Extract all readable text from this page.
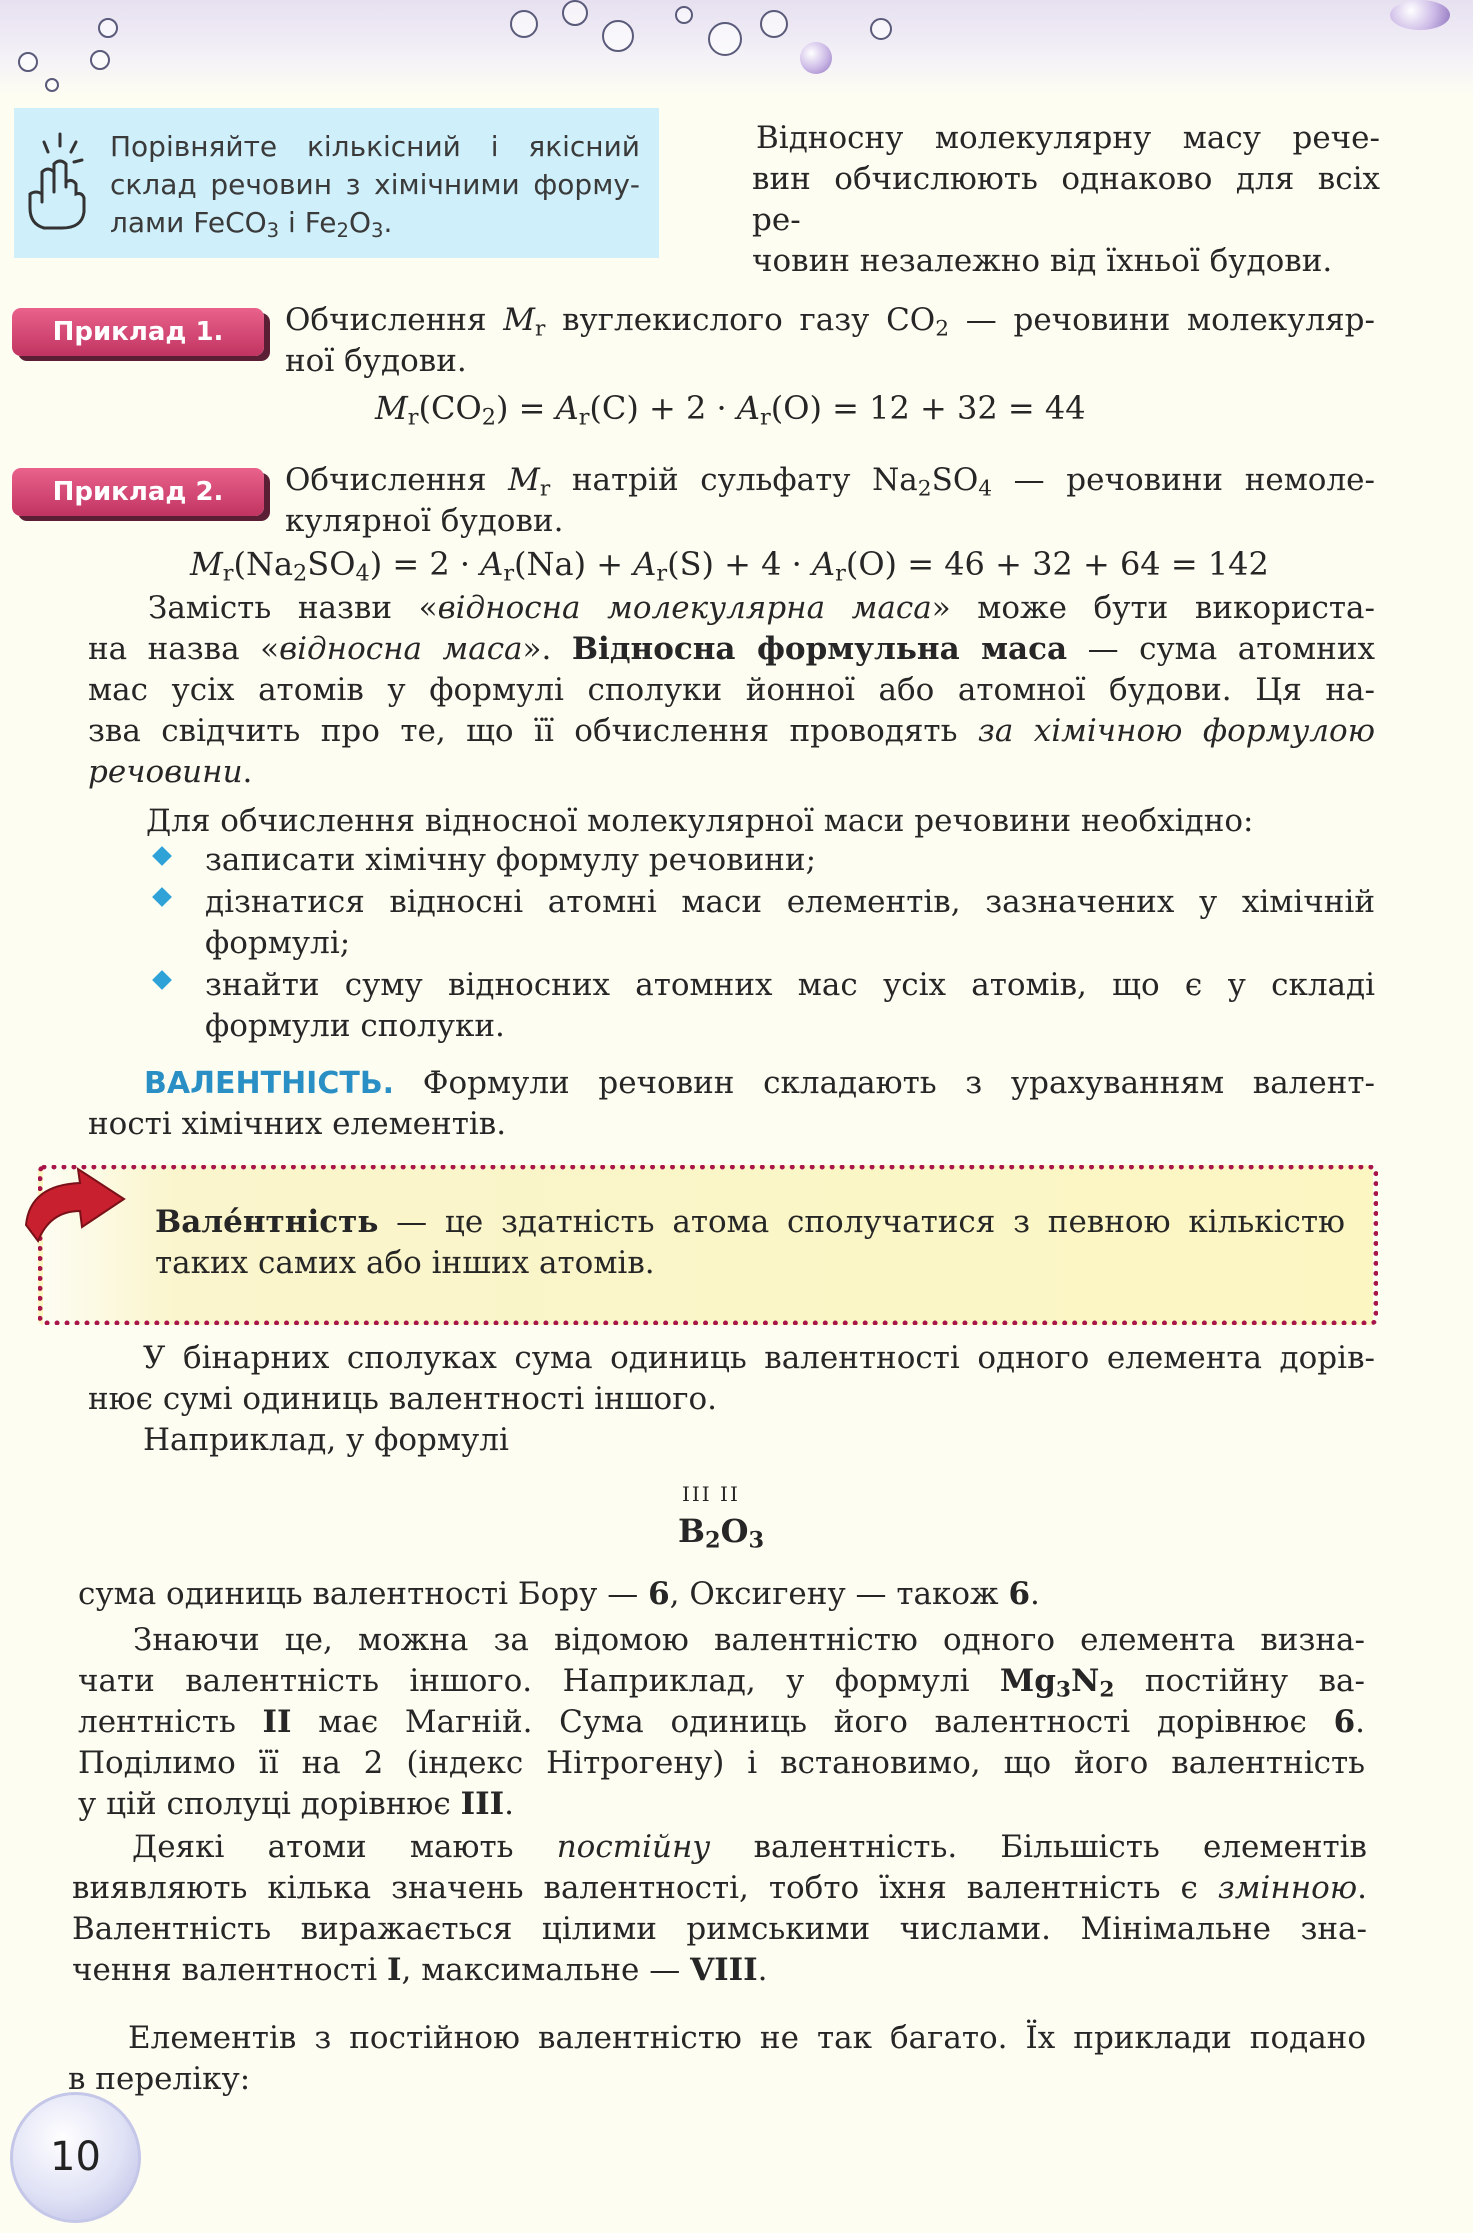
Порівняйте кількісний і якісний
склад речовин з хімічними форму-
лами FeCO$_3$ і $Fe_2O_3$.
Відносну молекулярну масу рече-
вин обчислюють однаково для всіх ре-
човин незалежно від їхньої будови.
Приклад 1.	Обчислення $M_r$ вуглекислого газу $CO_2$ — речовини молекуляр-
ної будови.
$M_r(CO_2) = A_r(C) + 2 \cdot A_r(O) = 12 + 32 = 44$
Приклад 2.	Обчислення $M_r$ натрій сульфату $Na_2SO_4$ — речовини немоле-
кулярної будови.
$M_r(Na_2SO_4) = 2 \cdot A_r(Na) + A_r(S) + 4 \cdot A_r(O) = 46 + 32 + 64 = 142$
Замість назви «відносна молекулярна маса» може бути використа-
на назва «відносна маса». Відносна формульна маса — сума атомних
мас усіх атомів у формулі сполуки йонної або атомної будови. Ця на-
зва свідчить про те, що її обчислення проводять за хімічною формулою
речовини.
Для обчислення відносної молекулярної маси речовини необхідно:
записати хімічну формулу речовини;
дізнатися відносні атомні маси елементів, зазначених у хімічній
формулі;
знайти суму відносних атомних мас усіх атомів, що є у складі
формули сполуки.
ВАЛЕНТНІСТЬ. Формули речовин складають з урахуванням валент-
ності хімічних елементів.
Вале́нтність — це здатність атома сполучатися з певною кількістю
таких самих або інших атомів.
У бінарних сполуках сума одиниць валентності одного елемента дорів-
нює сумі одиниць валентності іншого.
Наприклад, у формулі
III II
$B_2O_3$
сума одиниць валентності Бору — 6, Оксигену — також 6.
Знаючи це, можна за відомою валентністю одного елемента визна-
чати валентність іншого. Наприклад, у формулі $Mg_3N_2$ постійну ва-
лентність II має Магній. Сума одиниць його валентності дорівнює 6.
Поділимо її на 2 (індекс Нітрогену) і встановимо, що його валентність
у цій сполуці дорівнює III.
Деякі атоми мають постійну валентність. Більшість елементів
виявляють кілька значень валентності, тобто їхня валентність є змінною.
Валентність виражається цілими римськими числами. Мінімальне зна-
чення валентності I, максимальне — VIII.
Елементів з постійною валентністю не так багато. Їх приклади подано
в переліку:
10
